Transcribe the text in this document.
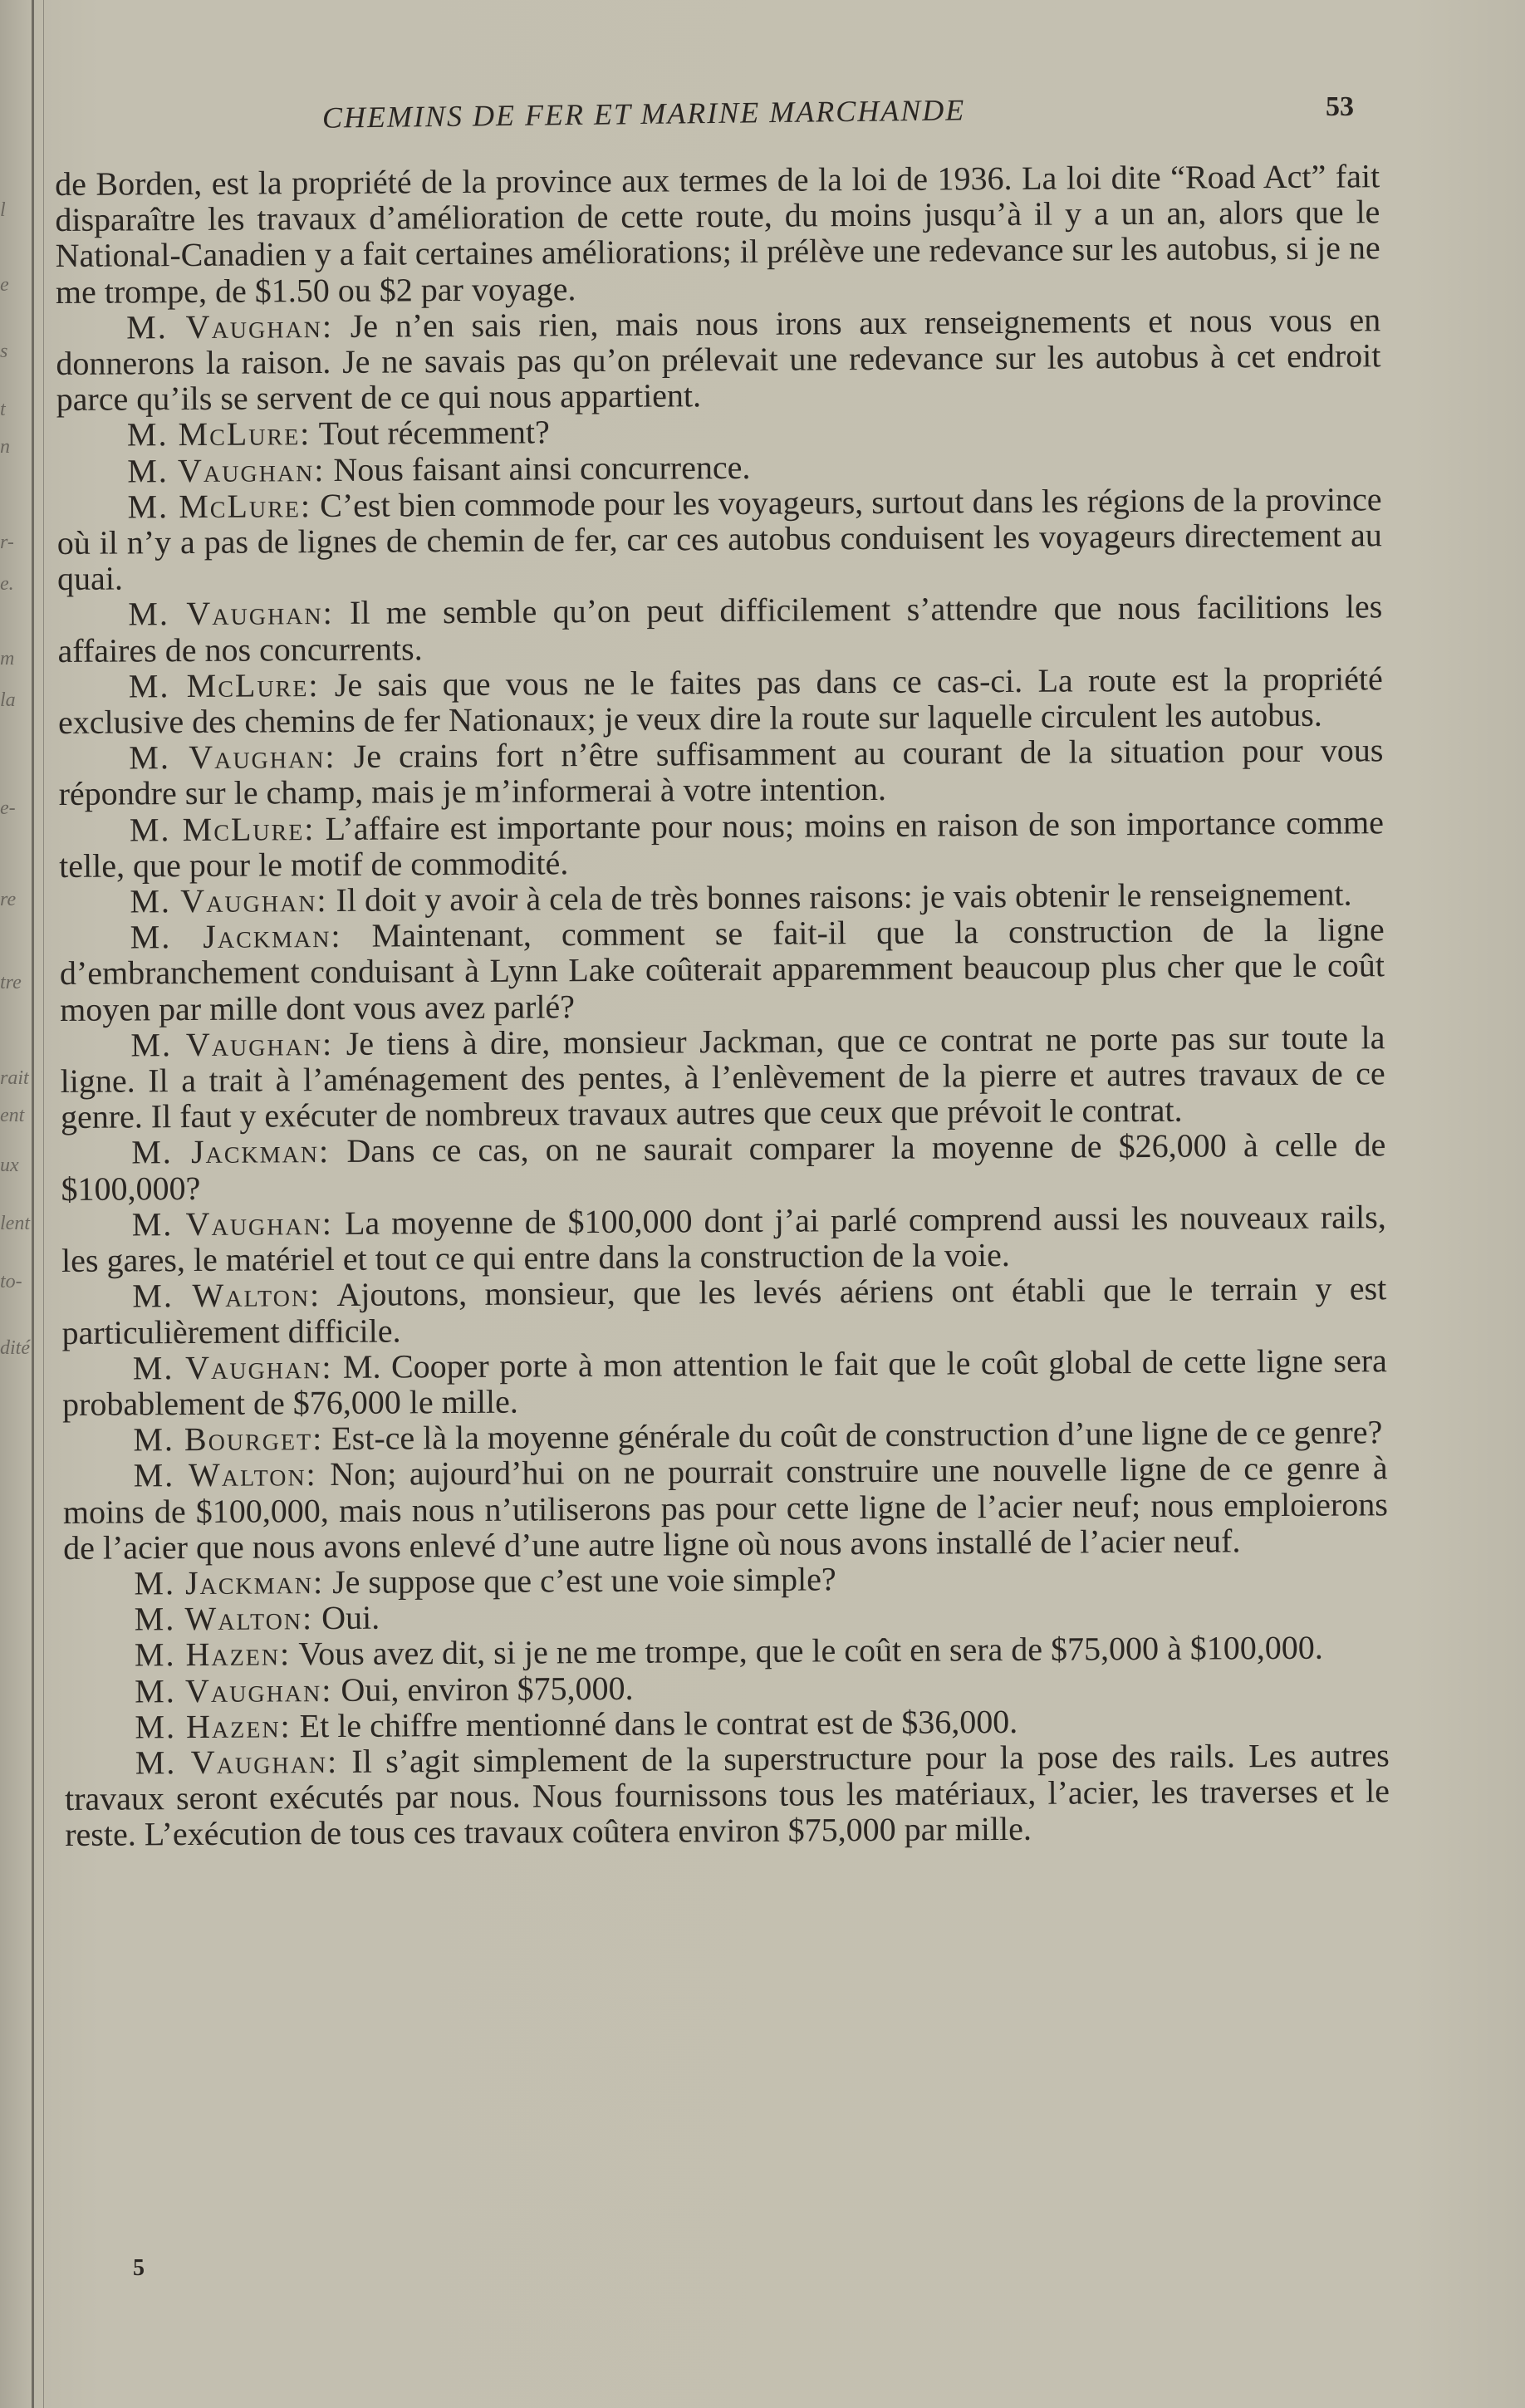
l
e
s
t
n
r-
e.
m
la
e-
re
tre
rait
ent
ux
lent
to-
dité
CHEMINS DE FER ET MARINE MARCHANDE	53

de Borden, est la propriété de la province aux termes de la loi de 1936. La loi dite “Road Act” fait disparaître les travaux d’amélioration de cette route, du moins jusqu’à il y a un an, alors que le National-Canadien y a fait certaines améliorations; il prélève une redevance sur les autobus, si je ne me trompe, de $1.50 ou $2 par voyage.

M. Vaughan: Je n’en sais rien, mais nous irons aux renseignements et nous vous en donnerons la raison. Je ne savais pas qu’on prélevait une redevance sur les autobus à cet endroit parce qu’ils se servent de ce qui nous appartient.

M. McLure: Tout récemment?

M. Vaughan: Nous faisant ainsi concurrence.

M. McLure: C’est bien commode pour les voyageurs, surtout dans les régions de la province où il n’y a pas de lignes de chemin de fer, car ces autobus conduisent les voyageurs directement au quai.

M. Vaughan: Il me semble qu’on peut difficilement s’attendre que nous facilitions les affaires de nos concurrents.

M. McLure: Je sais que vous ne le faites pas dans ce cas-ci. La route est la propriété exclusive des chemins de fer Nationaux; je veux dire la route sur laquelle circulent les autobus.

M. Vaughan: Je crains fort n’être suffisamment au courant de la situation pour vous répondre sur le champ, mais je m’informerai à votre intention.

M. McLure: L’affaire est importante pour nous; moins en raison de son importance comme telle, que pour le motif de commodité.

M. Vaughan: Il doit y avoir à cela de très bonnes raisons: je vais obtenir le renseignement.

M. Jackman: Maintenant, comment se fait-il que la construction de la ligne d’embranchement conduisant à Lynn Lake coûterait apparemment beaucoup plus cher que le coût moyen par mille dont vous avez parlé?

M. Vaughan: Je tiens à dire, monsieur Jackman, que ce contrat ne porte pas sur toute la ligne. Il a trait à l’aménagement des pentes, à l’enlèvement de la pierre et autres travaux de ce genre. Il faut y exécuter de nombreux travaux autres que ceux que prévoit le contrat.

M. Jackman: Dans ce cas, on ne saurait comparer la moyenne de $26,000 à celle de $100,000?

M. Vaughan: La moyenne de $100,000 dont j’ai parlé comprend aussi les nouveaux rails, les gares, le matériel et tout ce qui entre dans la construction de la voie.

M. Walton: Ajoutons, monsieur, que les levés aériens ont établi que le terrain y est particulièrement difficile.

M. Vaughan: M. Cooper porte à mon attention le fait que le coût global de cette ligne sera probablement de $76,000 le mille.

M. Bourget: Est-ce là la moyenne générale du coût de construction d’une ligne de ce genre?

M. Walton: Non; aujourd’hui on ne pourrait construire une nouvelle ligne de ce genre à moins de $100,000, mais nous n’utiliserons pas pour cette ligne de l’acier neuf; nous emploierons de l’acier que nous avons enlevé d’une autre ligne où nous avons installé de l’acier neuf.

M. Jackman: Je suppose que c’est une voie simple?

M. Walton: Oui.

M. Hazen: Vous avez dit, si je ne me trompe, que le coût en sera de $75,000 à $100,000.

M. Vaughan: Oui, environ $75,000.

M. Hazen: Et le chiffre mentionné dans le contrat est de $36,000.

M. Vaughan: Il s’agit simplement de la superstructure pour la pose des rails. Les autres travaux seront exécutés par nous. Nous fournissons tous les matériaux, l’acier, les traverses et le reste. L’exécution de tous ces travaux coûtera environ $75,000 par mille.

5
